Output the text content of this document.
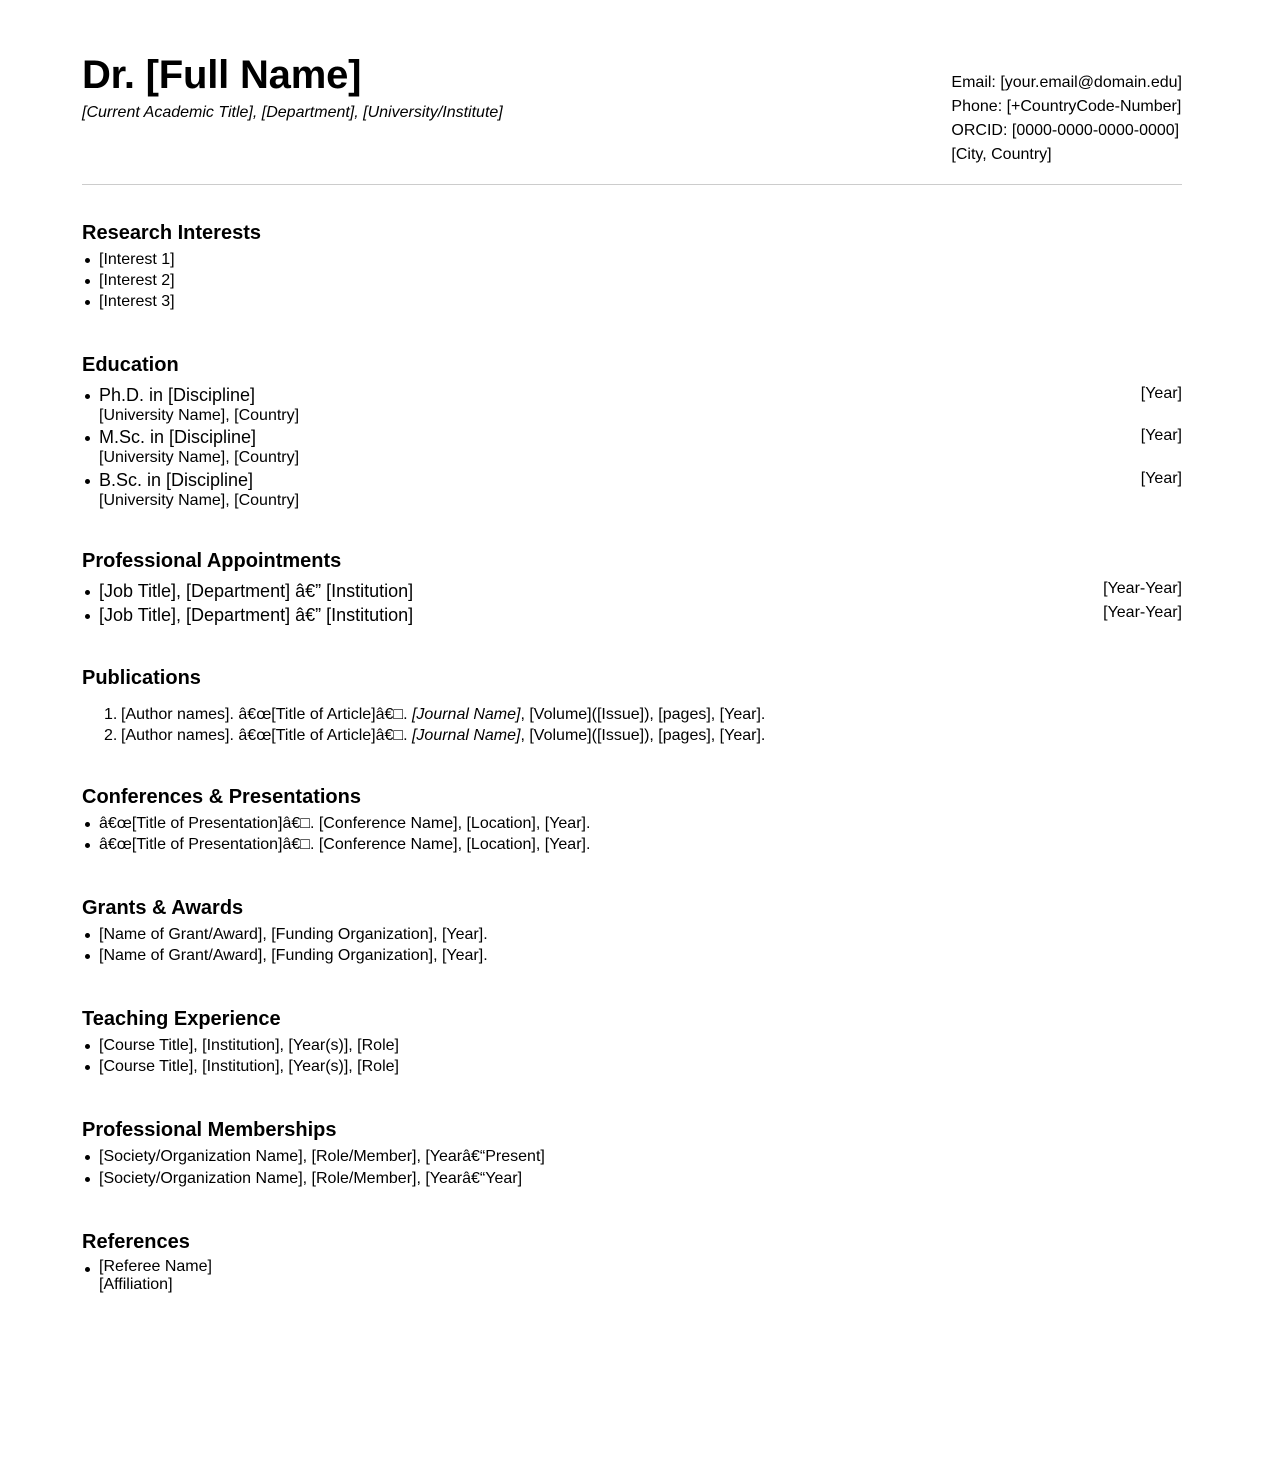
Dr. [Full Name]
[Current Academic Title], [Department], [University/Institute]
Email: [your.email@domain.edu]
Phone: [+CountryCode-Number]
ORCID: [0000-0000-0000-0000]
[City, Country]
Research Interests
[Interest 1]
[Interest 2]
[Interest 3]
Education
Ph.D. in [Discipline]
[University Name], [Country]
[Year]
M.Sc. in [Discipline]
[University Name], [Country]
[Year]
B.Sc. in [Discipline]
[University Name], [Country]
[Year]
Professional Appointments
[Job Title], [Department] â€” [Institution]	[Year-Year]
[Job Title], [Department] â€” [Institution]	[Year-Year]
Publications
1. [Author names]. â€œ[Title of Article]â€□. [Journal Name], [Volume]([Issue]), [pages], [Year].
2. [Author names]. â€œ[Title of Article]â€□. [Journal Name], [Volume]([Issue]), [pages], [Year].
Conferences & Presentations
â€œ[Title of Presentation]â€□. [Conference Name], [Location], [Year].
â€œ[Title of Presentation]â€□. [Conference Name], [Location], [Year].
Grants & Awards
[Name of Grant/Award], [Funding Organization], [Year].
[Name of Grant/Award], [Funding Organization], [Year].
Teaching Experience
[Course Title], [Institution], [Year(s)], [Role]
[Course Title], [Institution], [Year(s)], [Role]
Professional Memberships
[Society/Organization Name], [Role/Member], [Yearâ€“Present]
[Society/Organization Name], [Role/Member], [Yearâ€“Year]
References
[Referee Name]
[Affiliation]
